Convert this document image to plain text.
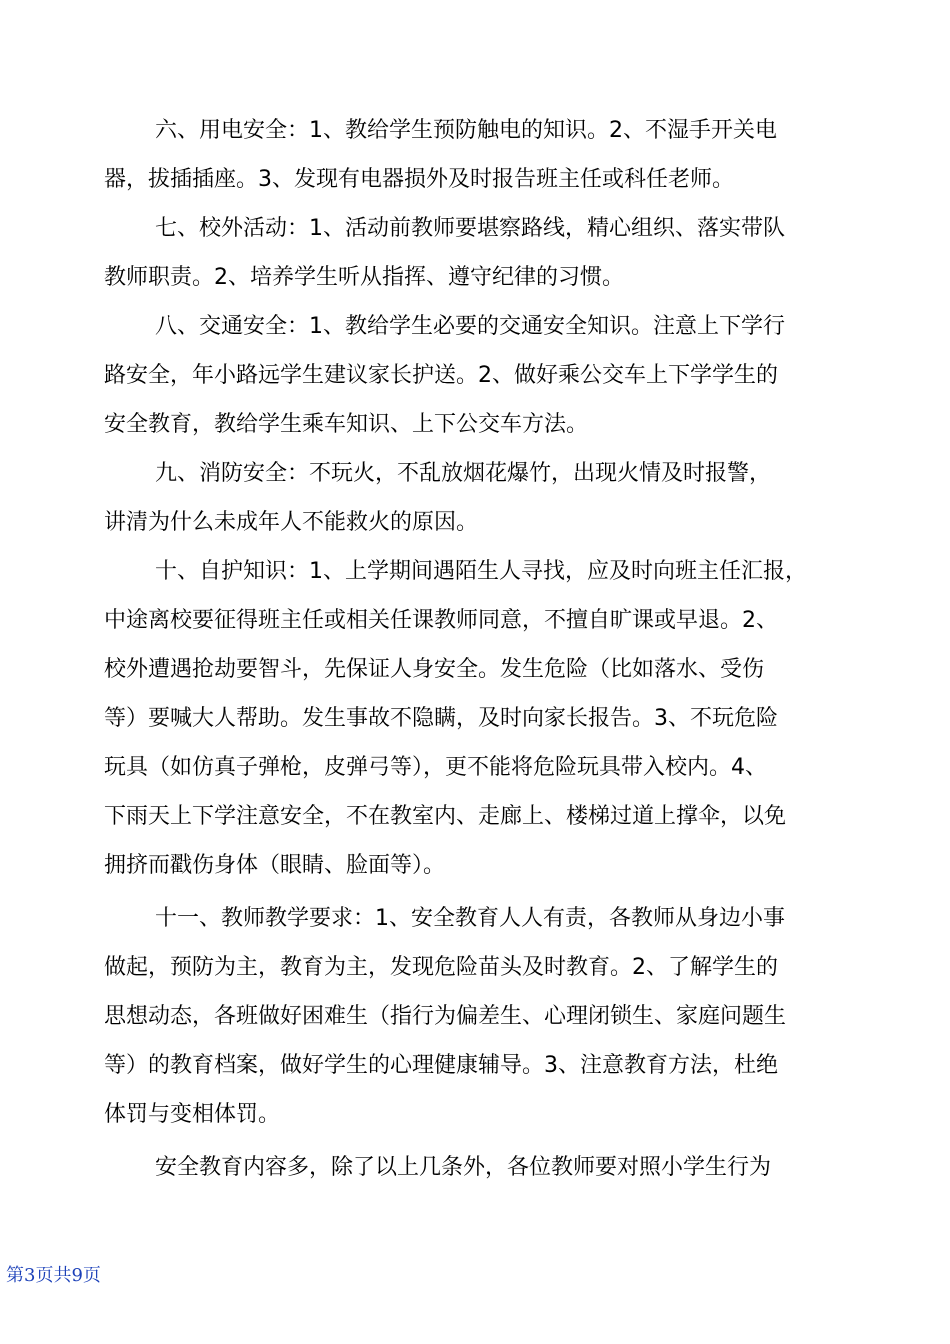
六、用电安全：1、教给学生预防触电的知识。2、不湿手开关电
器，拔插插座。3、发现有电器损外及时报告班主任或科任老师。
七、校外活动：1、活动前教师要堪察路线，精心组织、落实带队
教师职责。2、培养学生听从指挥、遵守纪律的习惯。
八、交通安全：1、教给学生必要的交通安全知识。注意上下学行
路安全，年小路远学生建议家长护送。2、做好乘公交车上下学学生的
安全教育，教给学生乘车知识、上下公交车方法。
九、消防安全：不玩火，不乱放烟花爆竹，出现火情及时报警，
讲清为什么未成年人不能救火的原因。
十、自护知识：1、上学期间遇陌生人寻找，应及时向班主任汇报，
中途离校要征得班主任或相关任课教师同意，不擅自旷课或早退。2、
校外遭遇抢劫要智斗，先保证人身安全。发生危险（比如落水、受伤
等）要喊大人帮助。发生事故不隐瞒，及时向家长报告。3、不玩危险
玩具（如仿真子弹枪，皮弹弓等），更不能将危险玩具带入校内。4、
下雨天上下学注意安全，不在教室内、走廊上、楼梯过道上撑伞，以免
拥挤而戳伤身体（眼睛、脸面等）。
十一、教师教学要求：1、安全教育人人有责，各教师从身边小事
做起，预防为主，教育为主，发现危险苗头及时教育。2、了解学生的
思想动态，各班做好困难生（指行为偏差生、心理闭锁生、家庭问题生
等）的教育档案，做好学生的心理健康辅导。3、注意教育方法，杜绝
体罚与变相体罚。
安全教育内容多，除了以上几条外，各位教师要对照小学生行为
第3页共9页
